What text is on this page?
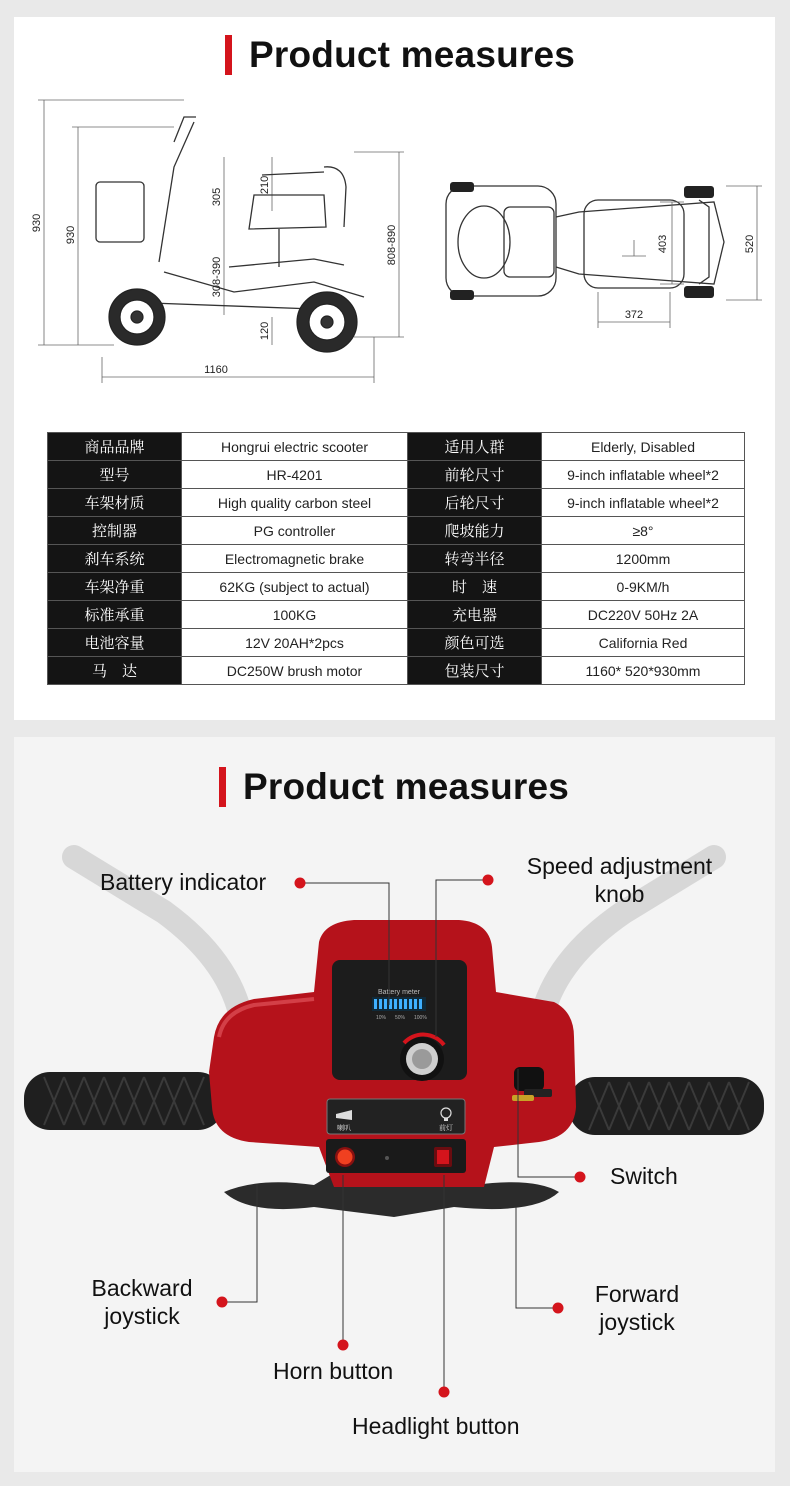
Product measures
930
930
210
305
308-390
808-890
120
1160
403	520
372
商品品牌	Hongrui electric scooter	适用人群	Elderly, Disabled
型号	HR-4201	前轮尺寸	9-inch inflatable wheel*2
车架材质	High quality carbon steel	后轮尺寸	9-inch inflatable wheel*2
控制器	PG controller	爬坡能力	≥8°
刹车系统	Electromagnetic brake	转弯半径	1200mm
车架净重	62KG (subject to actual)	时　速	0-9KM/h
标准承重	100KG	充电器	DC220V 50Hz 2A
电池容量	12V 20AH*2pcs	颜色可选	California Red
马　达	DC250W brush motor	包装尺寸	1160* 520*930mm
Product measures
Battery meter
10% 50% 100%
喇叭	前灯
Battery indicator
Speed adjustment
knob
Switch
Backward
joystick
Forward
joystick
Horn button
Headlight button
